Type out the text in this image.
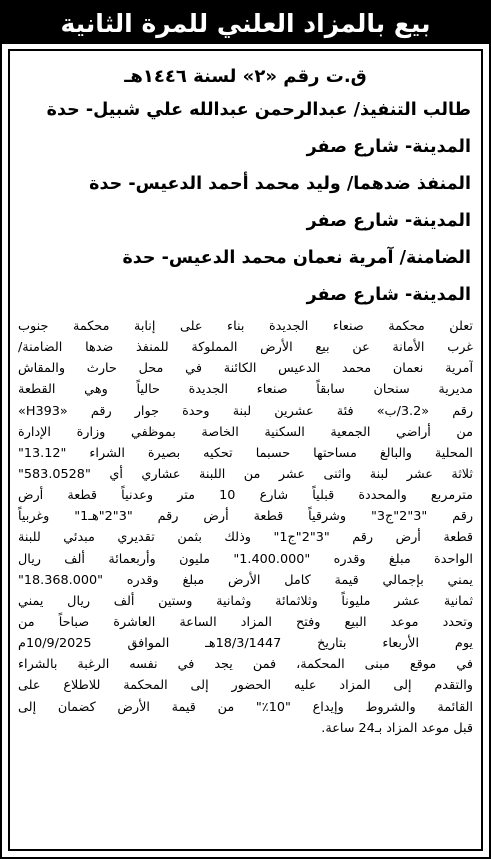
بيع بالمزاد العلني للمرة الثانية
ق.ت رقم «٢» لسنة ١٤٤٦هـ
طالب التنفيذ/ عبدالرحمن عبدالله علي شبيل- حدة
المدينة- شارع صفر
المنفذ ضدهما/ وليد محمد أحمد الدعيس- حدة
المدينة- شارع صفر
الضامنة/ آمرية نعمان محمد الدعيس- حدة
المدينة- شارع صفر
تعلن محكمة صنعاء الجديدة بناء على إنابة محكمة جنوب
غرب الأمانة عن بيع الأرض المملوكة للمنفذ ضدها الضامنة/
آمرية نعمان محمد الدعيس الكائنة في محل حارث والمقاش
مديرية سنحان سابقاً صنعاء الجديدة حالياً وهي القطعة
رقم «3.2/ب» فئة عشرين لبنة وحدة جوار رقم «H393»
من أراضي الجمعية السكنية الخاصة بموظفي وزارة الإدارة
المحلية والبالغ مساحتها حسبما تحكيه بصيرة الشراء "13.12"
ثلاثة عشر لبنة واثنى عشر من اللبنة عشاري أي "583.0528"
مترمربع والمحددة قبلياً شارع 10 متر وعدنياً قطعة أرض
رقم "3"2"ج3" وشرقياً قطعة أرض رقم "3"2"هـ1" وغربياً
قطعة أرض رقم "3"2"ج1" وذلك بثمن تقديري مبدئي للبنة
الواحدة مبلغ وقدره "1.400.000" مليون وأربعمائة ألف ريال
يمني بإجمالي قيمة كامل الأرض مبلغ وقدره "18.368.000"
ثمانية عشر مليوناً وثلاثمائة وثمانية وستين ألف ريال يمني
وتحدد موعد البيع وفتح المزاد الساعة العاشرة صباحاً من
يوم الأربعاء بتاريخ 18/3/1447هـ الموافق 10/9/2025م
في موقع مبنى المحكمة، فمن يجد في نفسه الرغبة بالشراء
والتقدم إلى المزاد عليه الحضور إلى المحكمة للاطلاع على
القائمة والشروط وإيداع "10٪" من قيمة الأرض كضمان إلى
قبل موعد المزاد بـ24 ساعة.
